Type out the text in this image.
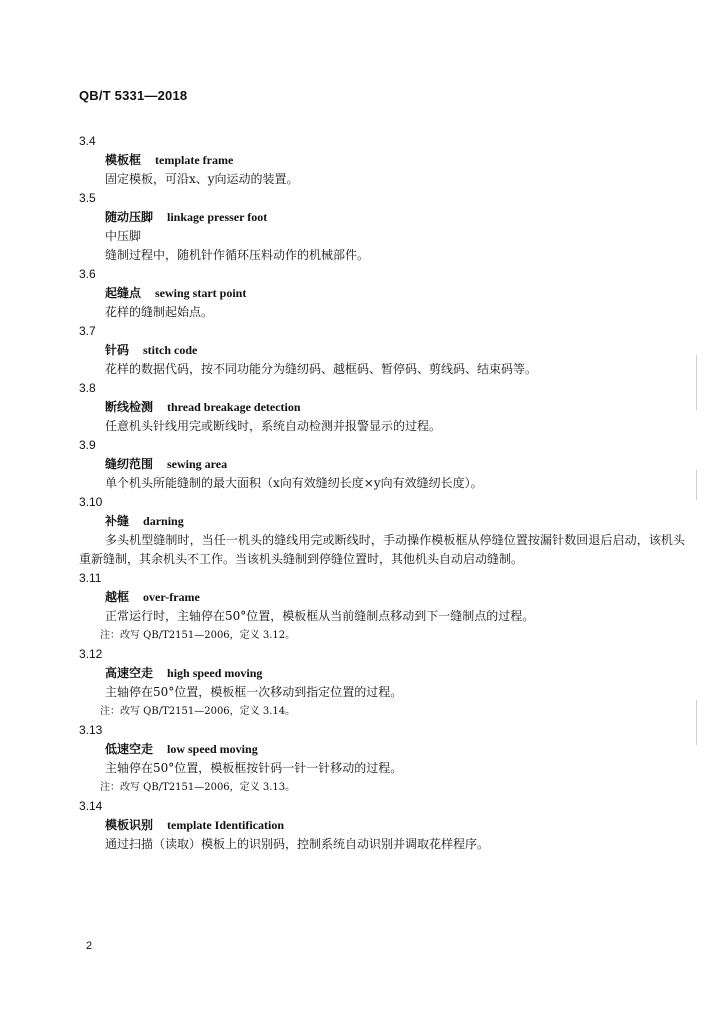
QB/T 5331—2018
3.4
模板框 template frame
固定模板，可沿x、y向运动的装置。
3.5
随动压脚 linkage presser foot
中压脚
缝制过程中，随机针作循环压料动作的机械部件。
3.6
起缝点 sewing start point
花样的缝制起始点。
3.7
针码 stitch code
花样的数据代码，按不同功能分为缝纫码、越框码、暂停码、剪线码、结束码等。
3.8
断线检测 thread breakage detection
任意机头针线用完或断线时，系统自动检测并报警显示的过程。
3.9
缝纫范围 sewing area
单个机头所能缝制的最大面积（x向有效缝纫长度×y向有效缝纫长度）。
3.10
补缝 darning
多头机型缝制时，当任一机头的缝线用完或断线时，手动操作模板框从停缝位置按漏针数回退后启动，该机头重新缝制，其余机头不工作。当该机头缝制到停缝位置时，其他机头自动启动缝制。
3.11
越框 over-frame
正常运行时，主轴停在50°位置，模板框从当前缝制点移动到下一缝制点的过程。
注：改写 QB/T2151—2006，定义 3.12。
3.12
高速空走 high speed moving
主轴停在50°位置，模板框一次移动到指定位置的过程。
注：改写 QB/T2151—2006，定义 3.14。
3.13
低速空走 low speed moving
主轴停在50°位置，模板框按针码一针一针移动的过程。
注：改写 QB/T2151—2006，定义 3.13。
3.14
模板识别 template Identification
通过扫描（读取）模板上的识别码，控制系统自动识别并调取花样程序。
2
